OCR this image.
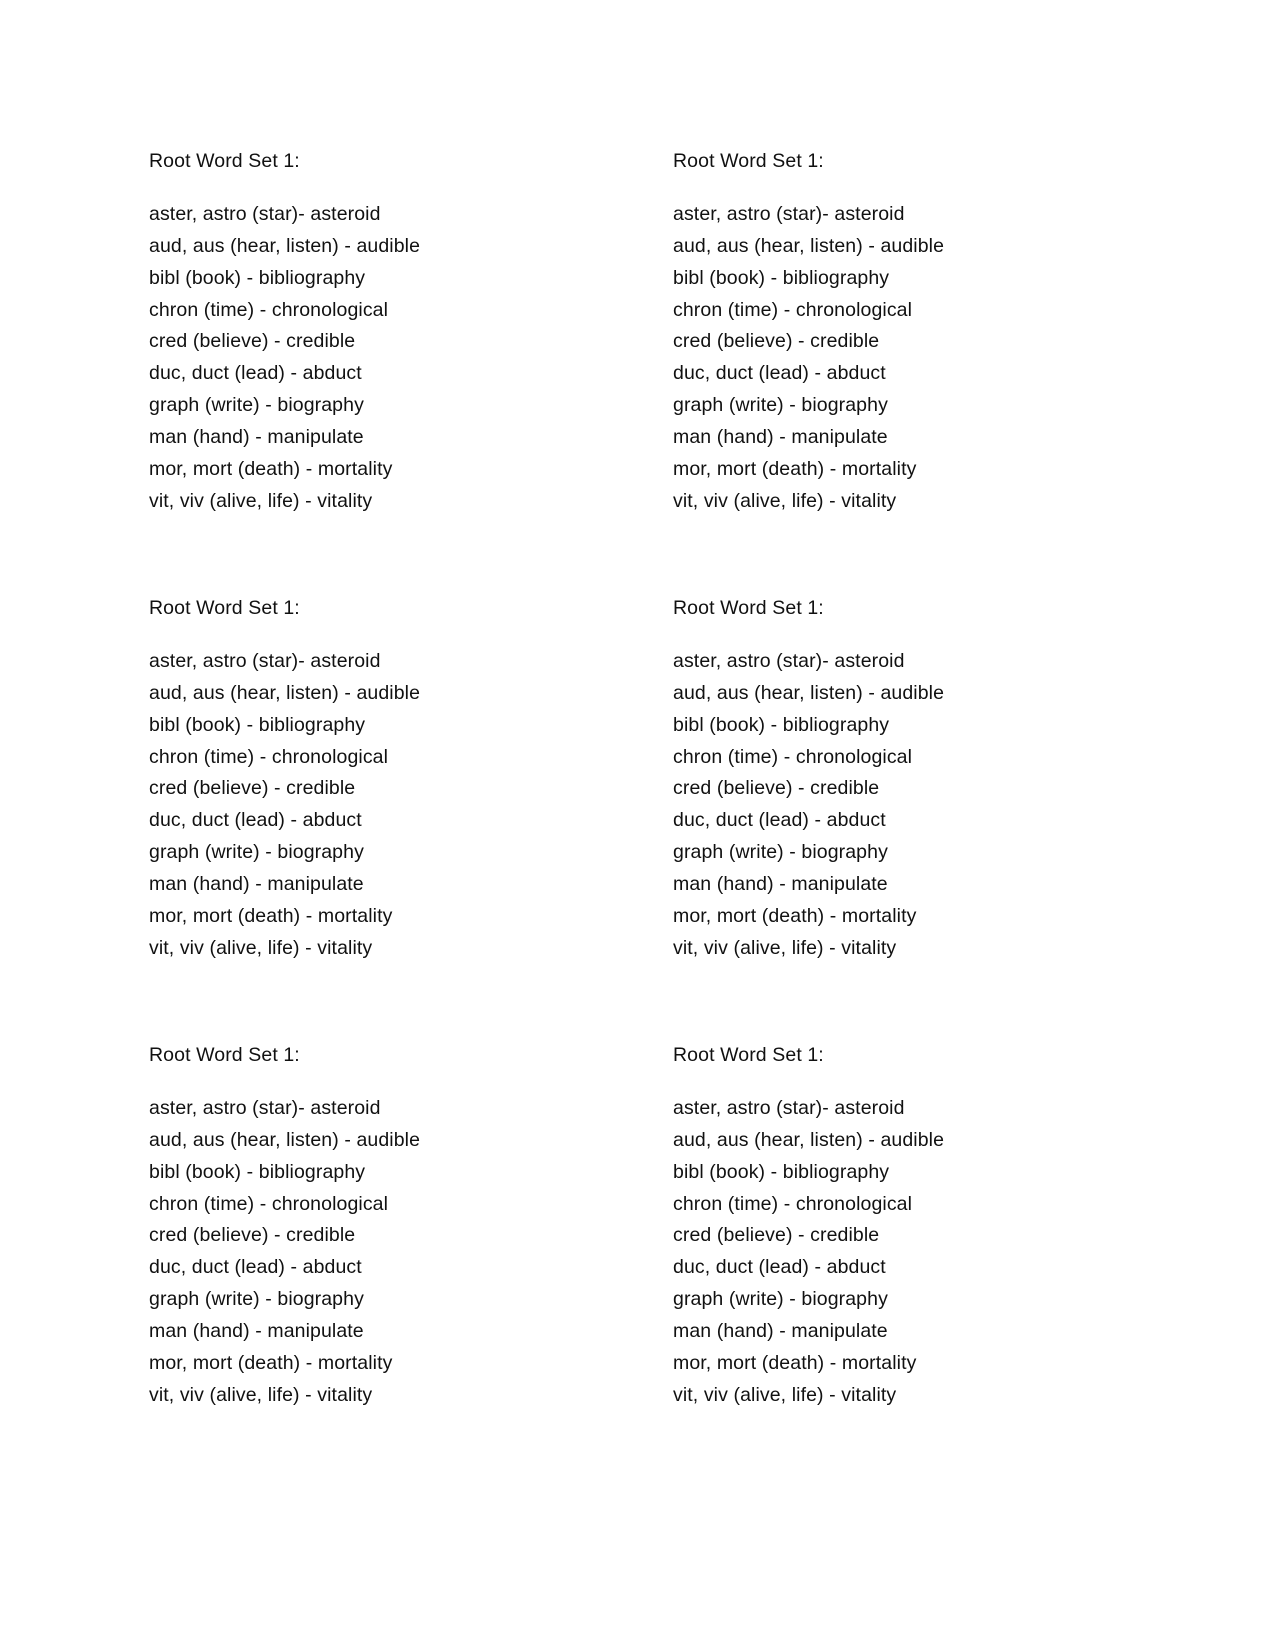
Root Word Set 1:
aster, astro (star)- asteroid
aud, aus (hear, listen) - audible
bibl (book) - bibliography
chron (time) - chronological
cred (believe) - credible
duc, duct (lead) - abduct
graph (write) - biography
man (hand) - manipulate
mor, mort (death) - mortality
vit, viv (alive, life) - vitality
Root Word Set 1:
aster, astro (star)- asteroid
aud, aus (hear, listen) - audible
bibl (book) - bibliography
chron (time) - chronological
cred (believe) - credible
duc, duct (lead) - abduct
graph (write) - biography
man (hand) - manipulate
mor, mort (death) - mortality
vit, viv (alive, life) - vitality
Root Word Set 1:
aster, astro (star)- asteroid
aud, aus (hear, listen) - audible
bibl (book) - bibliography
chron (time) - chronological
cred (believe) - credible
duc, duct (lead) - abduct
graph (write) - biography
man (hand) - manipulate
mor, mort (death) - mortality
vit, viv (alive, life) - vitality
Root Word Set 1:
aster, astro (star)- asteroid
aud, aus (hear, listen) - audible
bibl (book) - bibliography
chron (time) - chronological
cred (believe) - credible
duc, duct (lead) - abduct
graph (write) - biography
man (hand) - manipulate
mor, mort (death) - mortality
vit, viv (alive, life) - vitality
Root Word Set 1:
aster, astro (star)- asteroid
aud, aus (hear, listen) - audible
bibl (book) - bibliography
chron (time) - chronological
cred (believe) - credible
duc, duct (lead) - abduct
graph (write) - biography
man (hand) - manipulate
mor, mort (death) - mortality
vit, viv (alive, life) - vitality
Root Word Set 1:
aster, astro (star)- asteroid
aud, aus (hear, listen) - audible
bibl (book) - bibliography
chron (time) - chronological
cred (believe) - credible
duc, duct (lead) - abduct
graph (write) - biography
man (hand) - manipulate
mor, mort (death) - mortality
vit, viv (alive, life) - vitality
